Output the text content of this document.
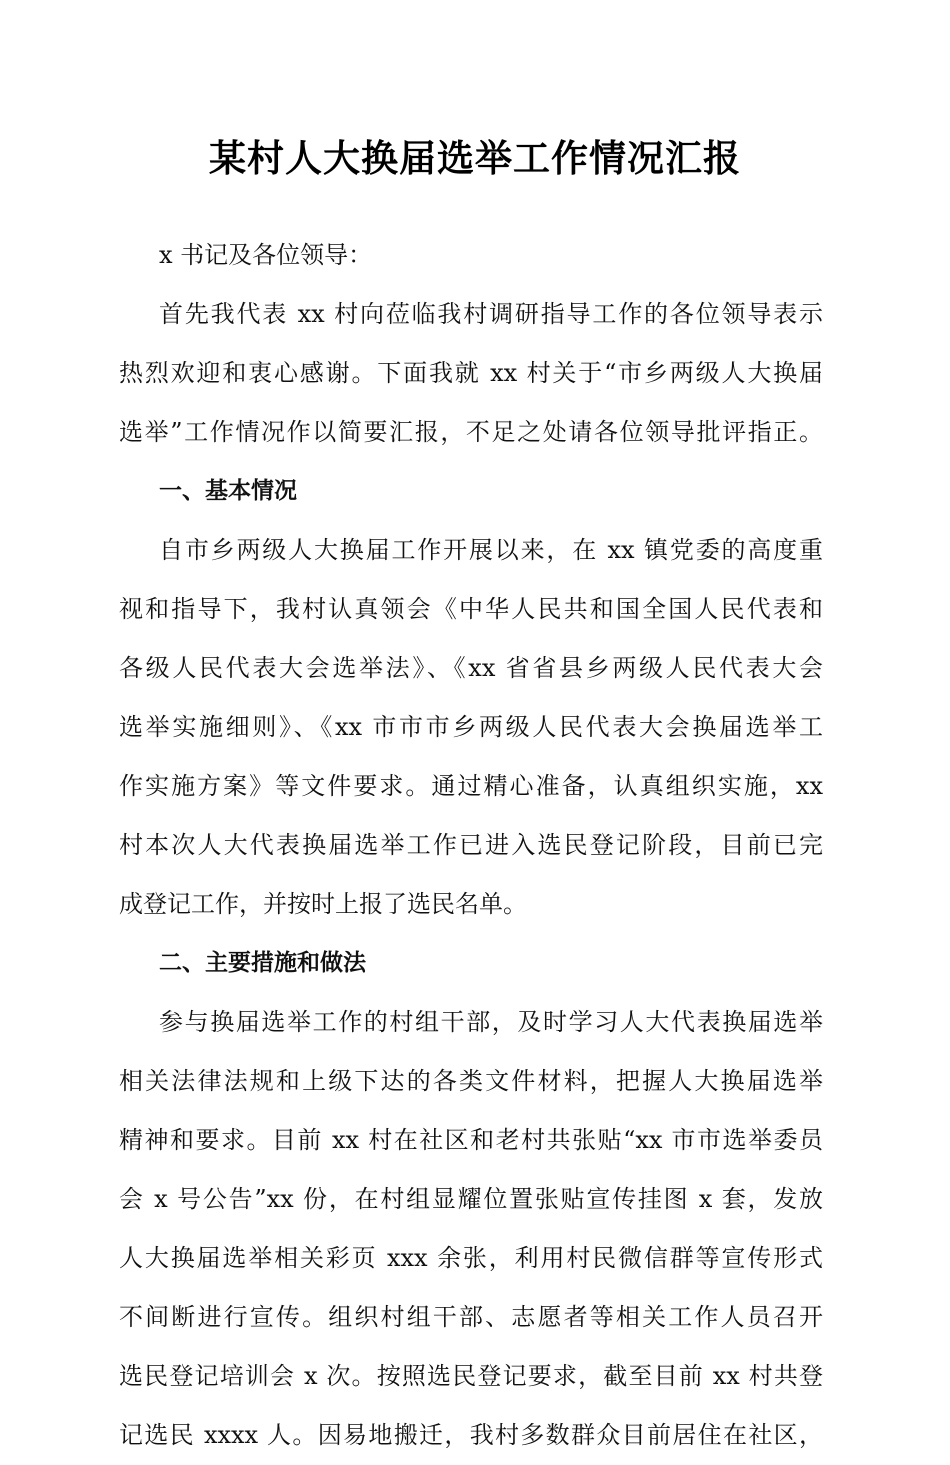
某村人大换届选举工作情况汇报
x 书记及各位领导：
首先我代表 xx 村向莅临我村调研指导工作的各位领导表示
热烈欢迎和衷心感谢。下面我就 xx 村关于“市乡两级人大换届
选举”工作情况作以简要汇报，不足之处请各位领导批评指正。
一、基本情况
自市乡两级人大换届工作开展以来，在 xx 镇党委的高度重
视和指导下，我村认真领会《中华人民共和国全国人民代表和
各级人民代表大会选举法》、《xx 省省县乡两级人民代表大会
选举实施细则》、《xx 市市市乡两级人民代表大会换届选举工
作实施方案》等文件要求。通过精心准备，认真组织实施，xx
村本次人大代表换届选举工作已进入选民登记阶段，目前已完
成登记工作，并按时上报了选民名单。
二、主要措施和做法
参与换届选举工作的村组干部，及时学习人大代表换届选举
相关法律法规和上级下达的各类文件材料，把握人大换届选举
精神和要求。目前 xx 村在社区和老村共张贴“xx 市市选举委员
会 x 号公告”xx 份，在村组显耀位置张贴宣传挂图 x 套，发放
人大换届选举相关彩页 xxx 余张，利用村民微信群等宣传形式
不间断进行宣传。组织村组干部、志愿者等相关工作人员召开
选民登记培训会 x 次。按照选民登记要求，截至目前 xx 村共登
记选民 xxxx 人。因易地搬迁，我村多数群众目前居住在社区，
